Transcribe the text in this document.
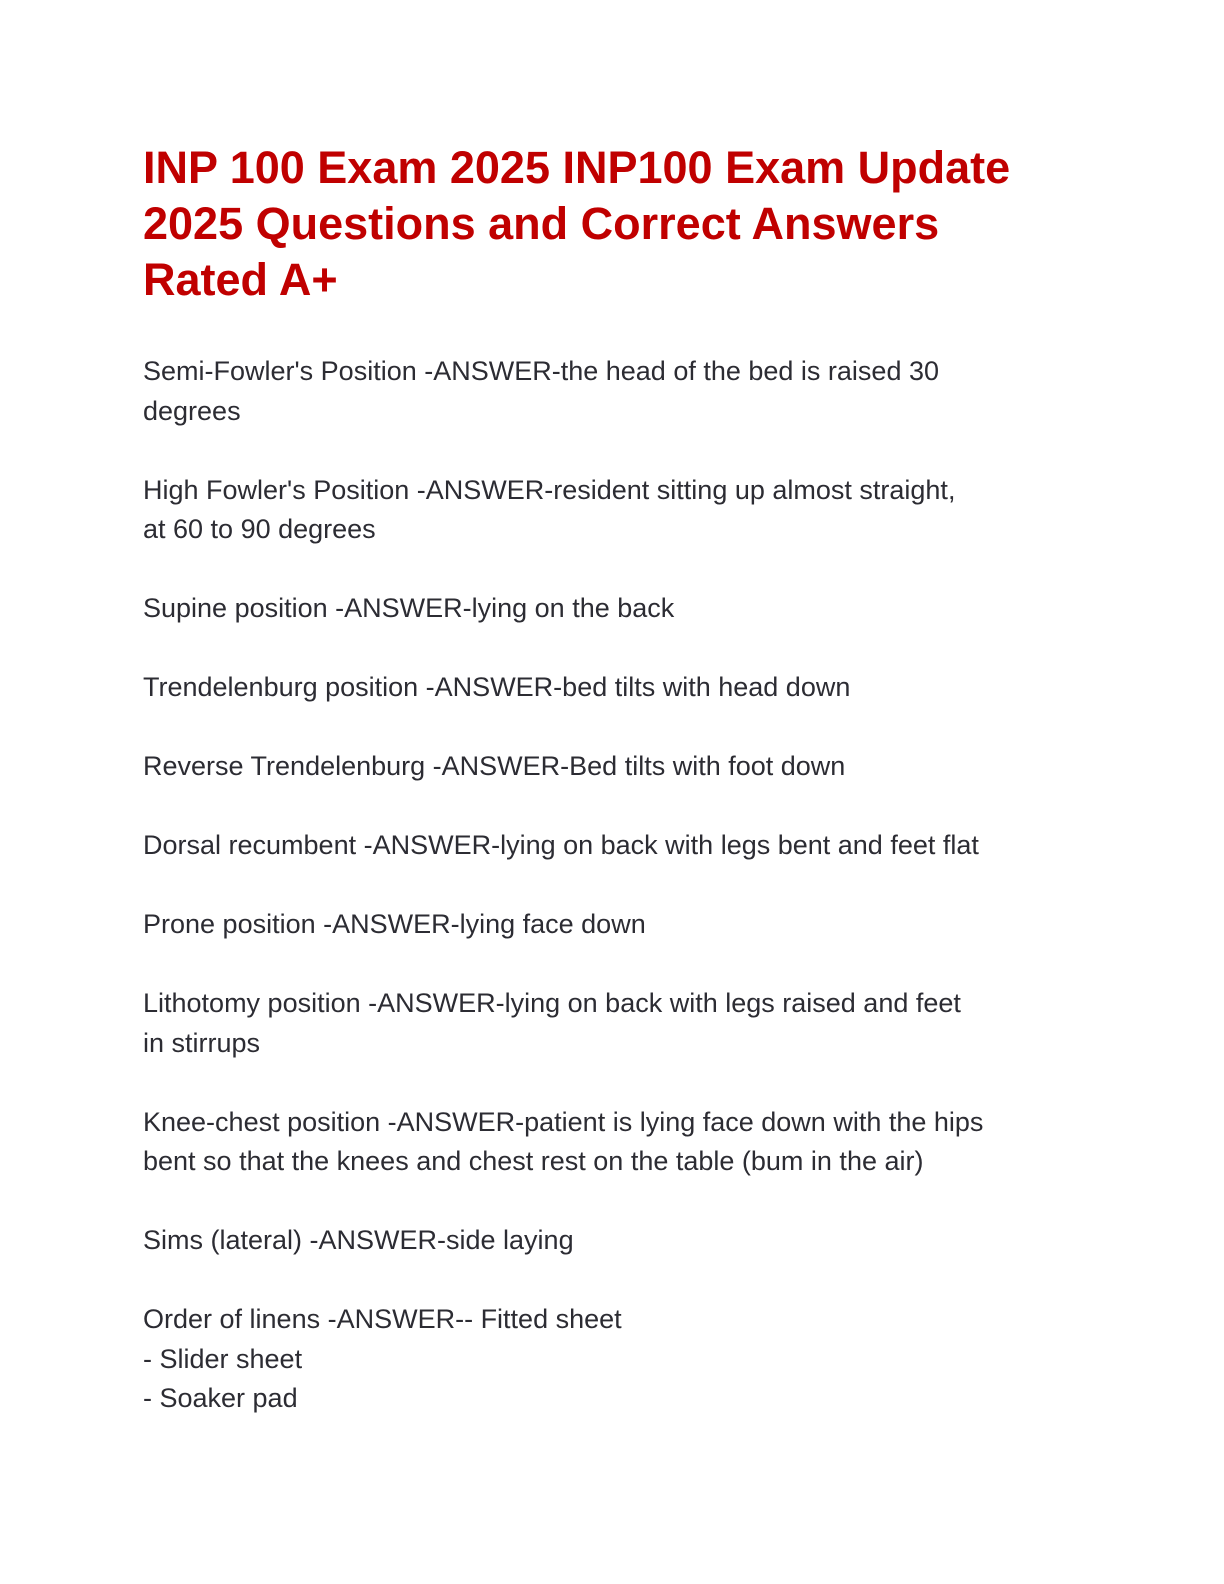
INP 100 Exam 2025 INP100 Exam Update
2025 Questions and Correct Answers
Rated A+
Semi-Fowler's Position -ANSWER-the head of the bed is raised 30
degrees
High Fowler's Position -ANSWER-resident sitting up almost straight,
at 60 to 90 degrees
Supine position -ANSWER-lying on the back
Trendelenburg position -ANSWER-bed tilts with head down
Reverse Trendelenburg -ANSWER-Bed tilts with foot down
Dorsal recumbent -ANSWER-lying on back with legs bent and feet flat
Prone position -ANSWER-lying face down
Lithotomy position -ANSWER-lying on back with legs raised and feet
in stirrups
Knee-chest position -ANSWER-patient is lying face down with the hips
bent so that the knees and chest rest on the table (bum in the air)
Sims (lateral) -ANSWER-side laying
Order of linens -ANSWER-- Fitted sheet
- Slider sheet
- Soaker pad
